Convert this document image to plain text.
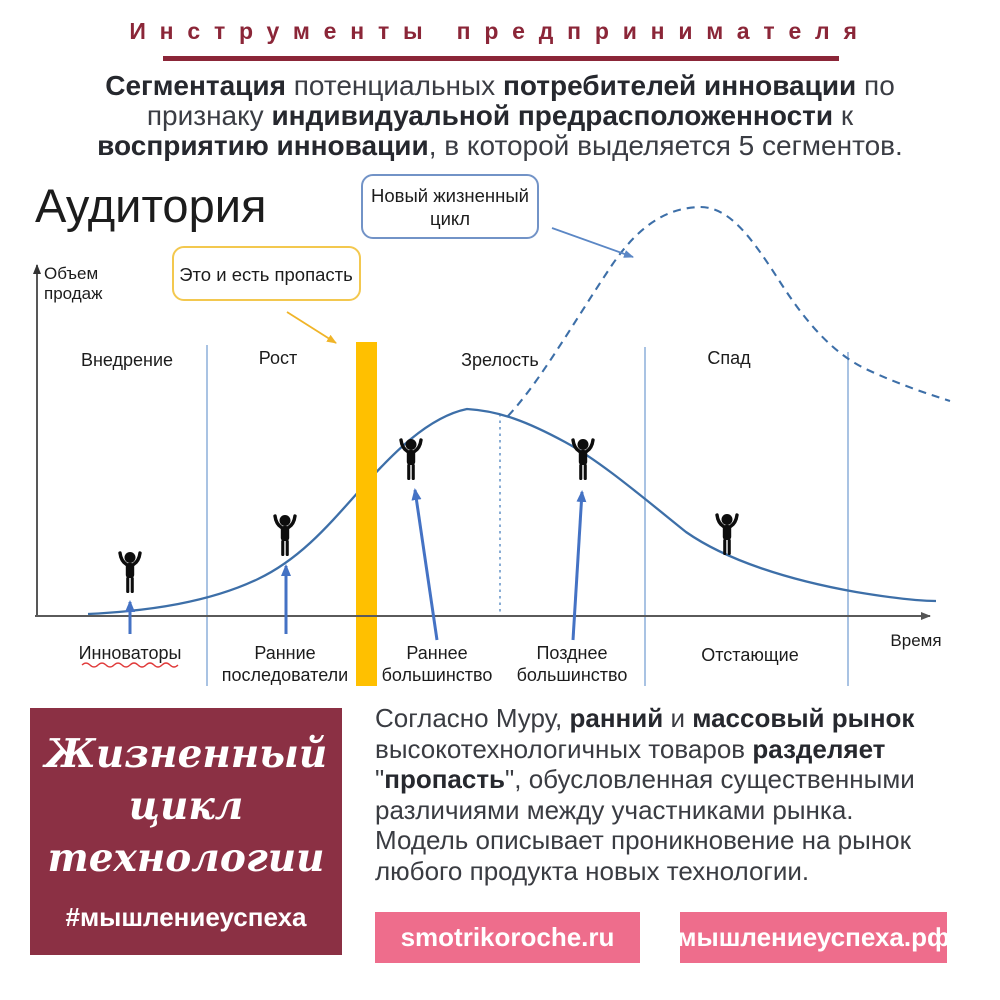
Инструменты предпринимателя

Сегментация потенциальных потребителей инновации по

признаку индивидуальной предрасположенности к

восприятию инновации, в которой выделяется 5 сегментов.

Аудитория
Объем
продаж
Время
Внедрение	Рост	Зрелость	Спад
Новый жизненный
цикл
Это и есть пропасть
Инноваторы	Ранние
последователи
Раннее
большинство
Позднее
большинство
Отстающие
Жизненный
цикл
технологии
#мышлениеуспеха

Согласно Муру, ранний и массовый рынок

высокотехнологичных товаров разделяет

"пропасть", обусловленная существенными

различиями между участниками рынка.

Модель описывает проникновение на рынок

любого продукта новых технологии.

smotrikoroche.ru	мышлениеуспеха.рф
